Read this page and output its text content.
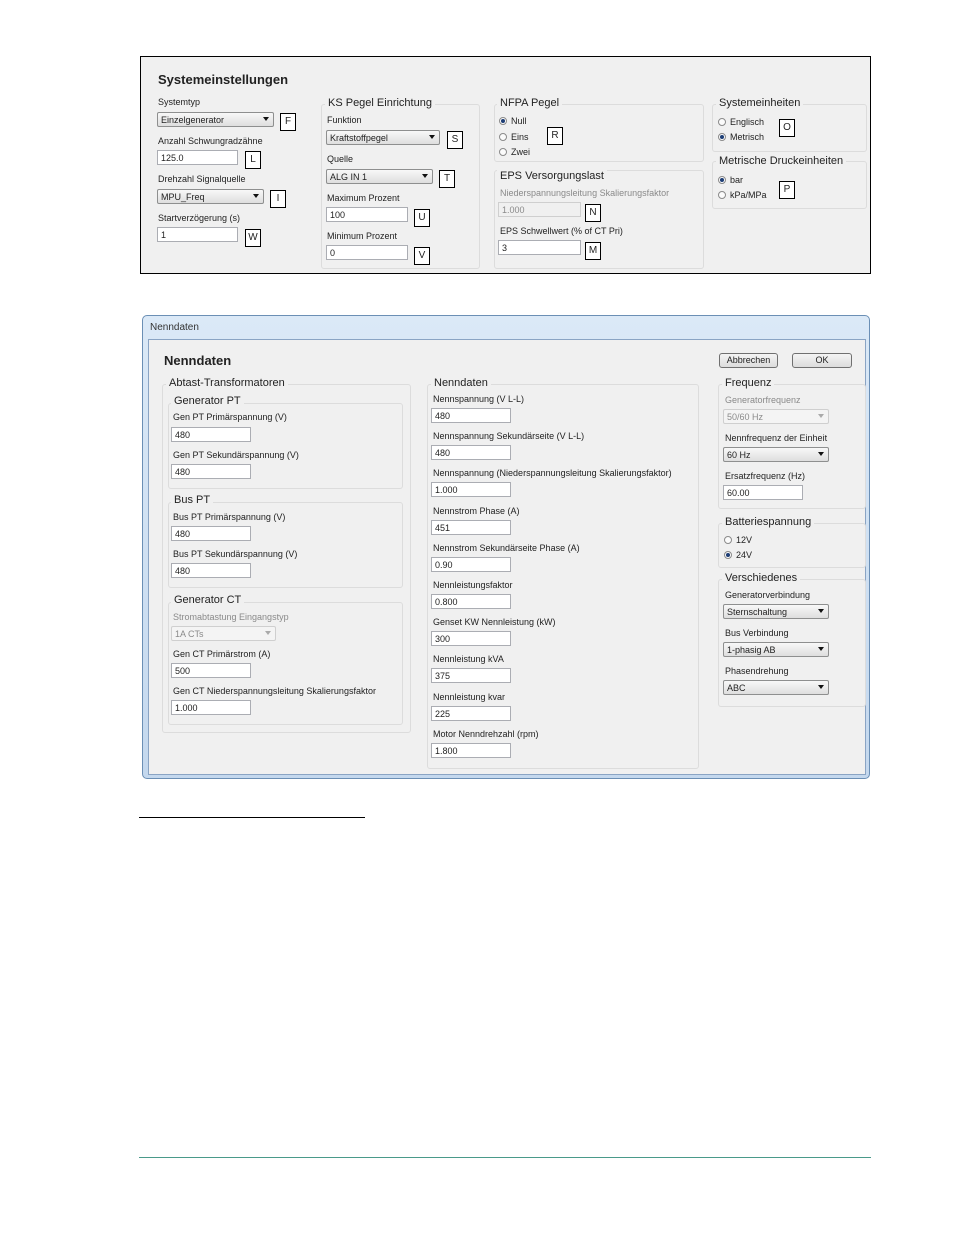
Systemeinstellungen
Systemtyp
Einzelgenerator	F
Anzahl Schwungradzähne
125.0	L
Drehzahl Signalquelle
MPU_Freq	I
Startverzögerung (s)
1	W
KS Pegel Einrichtung
Funktion
Kraftstoffpegel	S
Quelle
ALG IN 1	T
Maximum Prozent
100	U
Minimum Prozent
0	V
NFPA Pegel
Null
Eins
Zwei
R
EPS Versorgungslast
Niederspannungsleitung Skalierungsfaktor
1.000	N
EPS Schwellwert (% of CT Pri)
3	M
Systemeinheiten
Englisch
Metrisch
O
Metrische Druckeinheiten
bar
kPa/MPa	P
Nenndaten
Nenndaten	Abbrechen	OK
Abtast-Transformatoren
Generator PT
Gen PT Primärspannung (V)
480
Gen PT Sekundärspannung (V)
480
Bus PT
Bus PT Primärspannung (V)
480
Bus PT Sekundärspannung (V)
480
Generator CT
Stromabtastung Eingangstyp
1A CTs
Gen CT Primärstrom (A)
500
Gen CT Niederspannungsleitung Skalierungsfaktor
1.000
Nenndaten
Nennspannung (V L-L)
480
Nennspannung Sekundärseite (V L-L)
480
Nennspannung (Niederspannungsleitung Skalierungsfaktor)
1.000
Nennstrom Phase (A)
451
Nennstrom Sekundärseite Phase (A)
0.90
Nennleistungsfaktor
0.800
Genset KW Nennleistung (kW)
300
Nennleistung kVA
375
Nennleistung kvar
225
Motor Nenndrehzahl (rpm)
1.800
Frequenz
Generatorfrequenz
50/60 Hz
Nennfrequenz der Einheit
60 Hz
Ersatzfrequenz (Hz)
60.00
Batteriespannung
12V
24V
Verschiedenes
Generatorverbindung
Sternschaltung
Bus Verbindung
1-phasig AB
Phasendrehung
ABC
